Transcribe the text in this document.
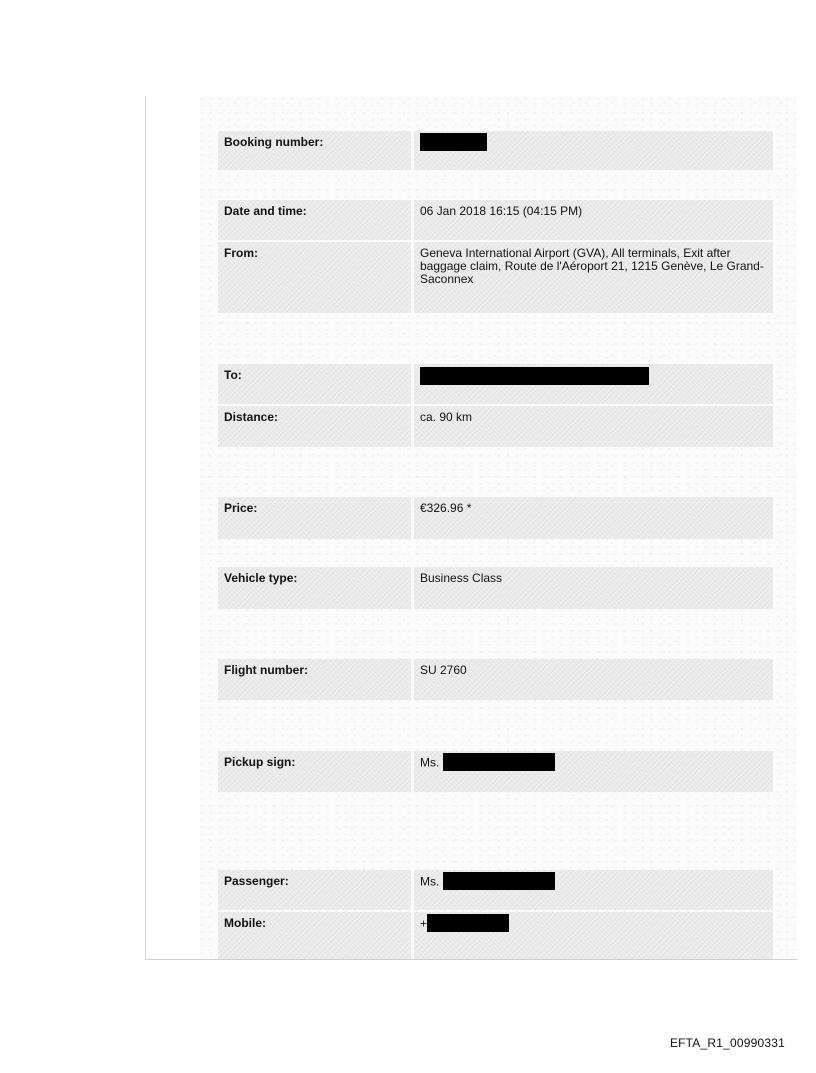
Booking number:
Date and time:	06 Jan 2018 16:15 (04:15 PM)
From:	Geneva International Airport (GVA), All terminals, Exit after baggage claim, Route de l'Aéroport 21, 1215 Genève, Le Grand-Saconnex
To:
Distance:	ca. 90 km
Price:	€326.96 *
Vehicle type:	Business Class
Flight number:	SU 2760
Pickup sign:	Ms.
Passenger:	Ms.
Mobile:	+
EFTA_R1_00990331
